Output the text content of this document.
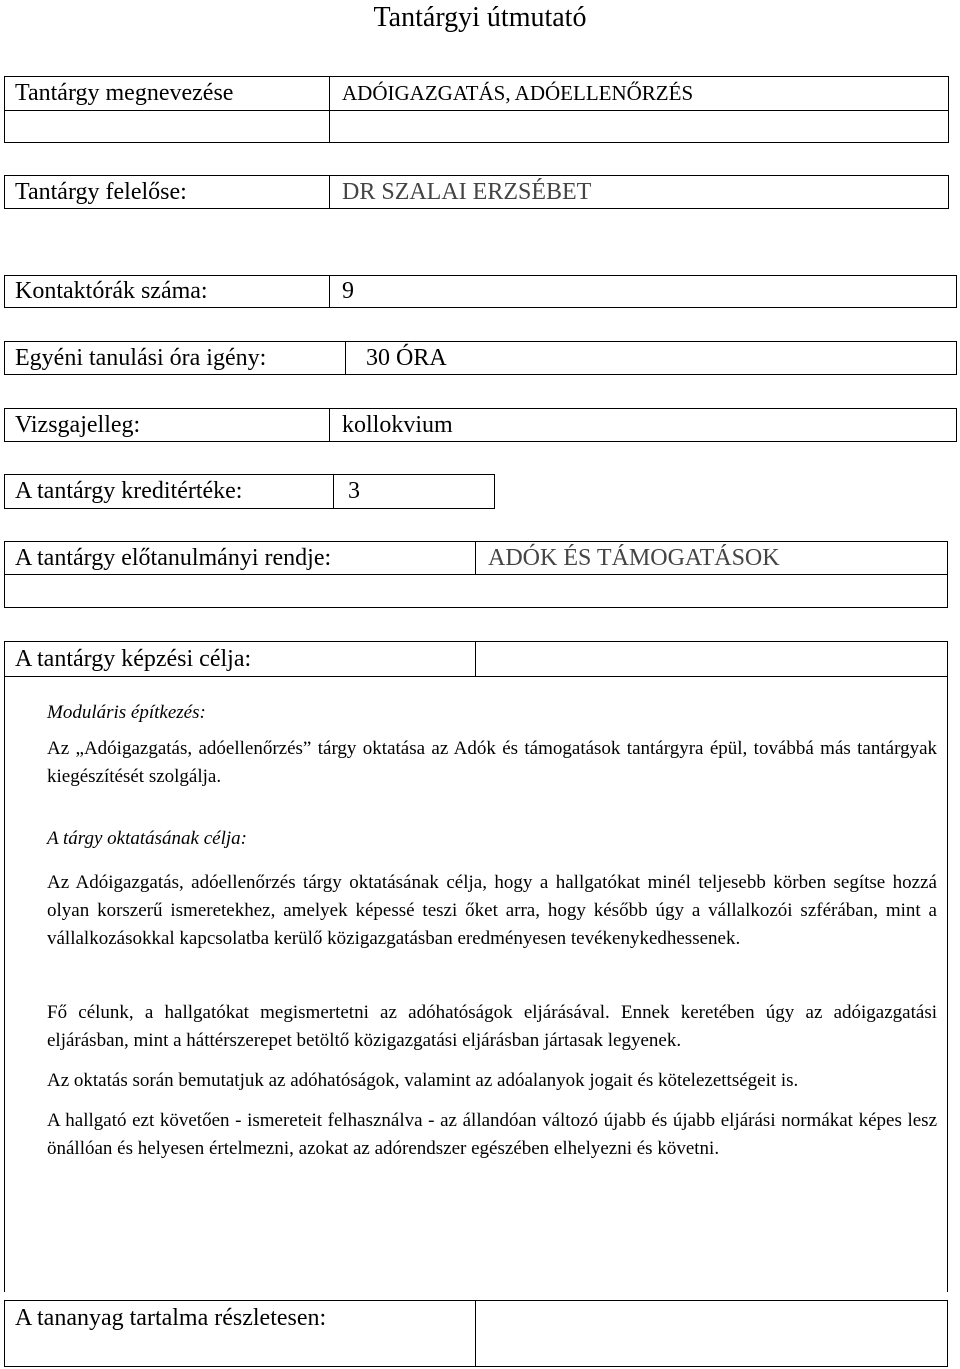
Tantárgyi útmutató
Tantárgy megnevezése	ADÓIGAZGATÁS, ADÓELLENŐRZÉS
Tantárgy felelőse:	DR SZALAI ERZSÉBET
Kontaktórák száma:	9
Egyéni tanulási óra igény:	30 ÓRA
Vizsgajelleg:	kollokvium
A tantárgy kreditértéke:	3
A tantárgy előtanulmányi rendje:	ADÓK ÉS TÁMOGATÁSOK
A tantárgy képzési célja:

Moduláris építkezés:

Az „Adóigazgatás, adóellenőrzés” tárgy oktatása az Adók és támogatások tantárgyra épül, továbbá más tantárgyak kiegészítését szolgálja.

A tárgy oktatásának célja:

Az Adóigazgatás, adóellenőrzés tárgy oktatásának célja, hogy a hallgatókat minél teljesebb körben segítse hozzá olyan korszerű ismeretekhez, amelyek képessé teszi őket arra, hogy később úgy a vállalkozói szférában, mint a vállalkozásokkal kapcsolatba kerülő közigazgatásban eredményesen tevékenykedhessenek.

Fő célunk, a hallgatókat megismertetni az adóhatóságok eljárásával. Ennek keretében úgy az adóigazgatási eljárásban, mint a háttérszerepet betöltő közigazgatási eljárásban jártasak legyenek.

Az oktatás során bemutatjuk az adóhatóságok, valamint az adóalanyok jogait és kötelezettségeit is.

A hallgató ezt követően - ismereteit felhasználva - az állandóan változó újabb és újabb eljárási normákat képes lesz önállóan és helyesen értelmezni, azokat az adórendszer egészében elhelyezni és követni.

A tananyag tartalma részletesen:
